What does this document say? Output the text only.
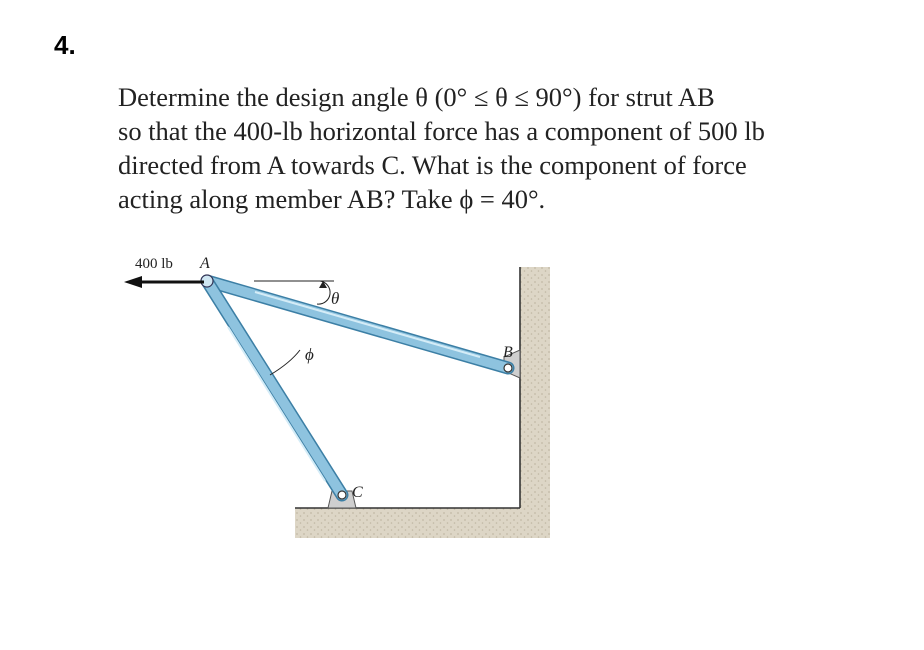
4.
Determine the design angle θ (0° ≤ θ ≤ 90°) for strut AB
so that the 400-lb horizontal force has a component of 500 lb
directed from A towards C. What is the component of force
acting along member AB? Take ϕ = 40°.
400 lb A
B
C
θ
ϕ
